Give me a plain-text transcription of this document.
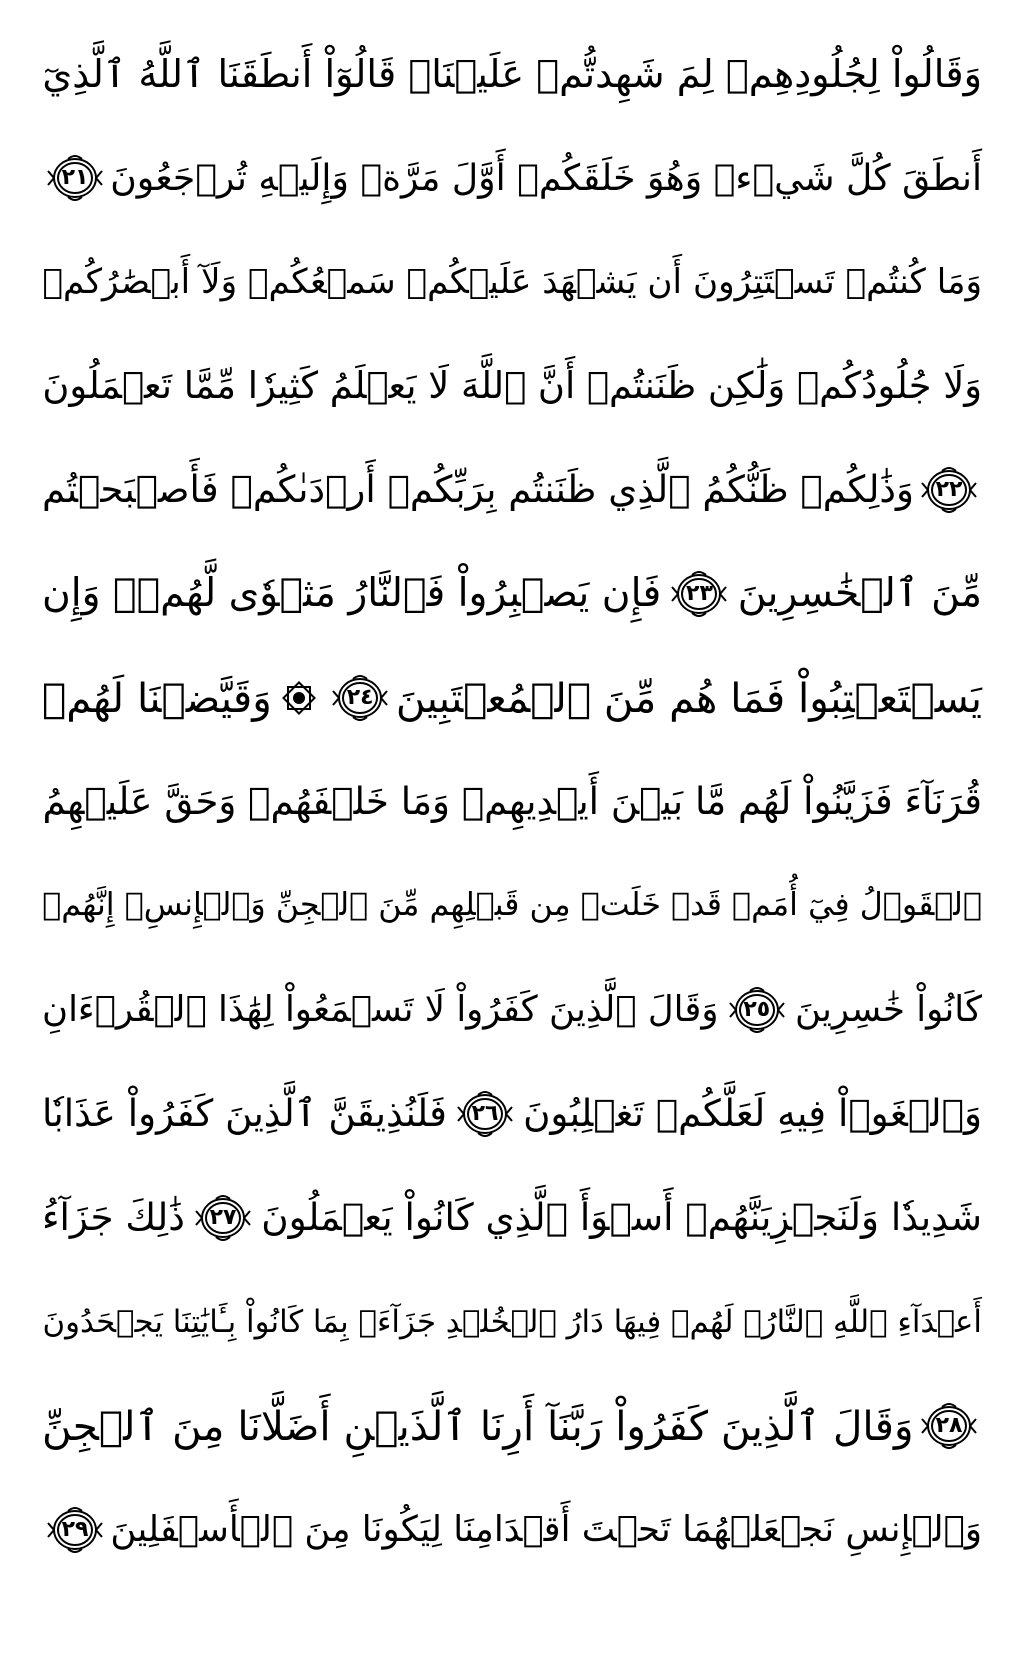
وَقَالُواْ لِجُلُودِهِمۡ لِمَ شَهِدتُّمۡ عَلَيۡنَاۖ قَالُوٓاْ أَنطَقَنَا ٱللَّهُ ٱلَّذِيٓ
أَنطَقَ كُلَّ شَيۡءٖ وَهُوَ خَلَقَكُمۡ أَوَّلَ مَرَّةٖ وَإِلَيۡهِ تُرۡجَعُونَ
٢١
وَمَا كُنتُمۡ تَسۡتَتِرُونَ أَن يَشۡهَدَ عَلَيۡكُمۡ سَمۡعُكُمۡ وَلَآ أَبۡصَٰرُكُمۡ
وَلَا جُلُودُكُمۡ وَلَٰكِن ظَنَنتُمۡ أَنَّ ٱللَّهَ لَا يَعۡلَمُ كَثِيرٗا مِّمَّا تَعۡمَلُونَ
٢٢
وَذَٰلِكُمۡ ظَنُّكُمُ ٱلَّذِي ظَنَنتُم بِرَبِّكُمۡ أَرۡدَىٰكُمۡ فَأَصۡبَحۡتُم
مِّنَ ٱلۡخَٰسِرِينَ
٢٣
فَإِن يَصۡبِرُواْ فَٱلنَّارُ مَثۡوٗى لَّهُمۡۖ وَإِن
يَسۡتَعۡتِبُواْ فَمَا هُم مِّنَ ٱلۡمُعۡتَبِينَ
٢٤
وَقَيَّضۡنَا لَهُمۡ
قُرَنَآءَ فَزَيَّنُواْ لَهُم مَّا بَيۡنَ أَيۡدِيهِمۡ وَمَا خَلۡفَهُمۡ وَحَقَّ عَلَيۡهِمُ
ٱلۡقَوۡلُ فِيٓ أُمَمٖ قَدۡ خَلَتۡ مِن قَبۡلِهِم مِّنَ ٱلۡجِنِّ وَٱلۡإِنسِۖ إِنَّهُمۡ
كَانُواْ خَٰسِرِينَ
٢٥
وَقَالَ ٱلَّذِينَ كَفَرُواْ لَا تَسۡمَعُواْ لِهَٰذَا ٱلۡقُرۡءَانِ
وَٱلۡغَوۡاْ فِيهِ لَعَلَّكُمۡ تَغۡلِبُونَ
٢٦
فَلَنُذِيقَنَّ ٱلَّذِينَ كَفَرُواْ عَذَابٗا
شَدِيدٗا وَلَنَجۡزِيَنَّهُمۡ أَسۡوَأَ ٱلَّذِي كَانُواْ يَعۡمَلُونَ
٢٧
ذَٰلِكَ جَزَآءُ
أَعۡدَآءِ ٱللَّهِ ٱلنَّارُۖ لَهُمۡ فِيهَا دَارُ ٱلۡخُلۡدِ جَزَآءَۢ بِمَا كَانُواْ بِـَٔايَٰتِنَا يَجۡحَدُونَ
٢٨
وَقَالَ ٱلَّذِينَ كَفَرُواْ رَبَّنَآ أَرِنَا ٱلَّذَيۡنِ أَضَلَّانَا مِنَ ٱلۡجِنِّ
وَٱلۡإِنسِ نَجۡعَلۡهُمَا تَحۡتَ أَقۡدَامِنَا لِيَكُونَا مِنَ ٱلۡأَسۡفَلِينَ
٢٩
